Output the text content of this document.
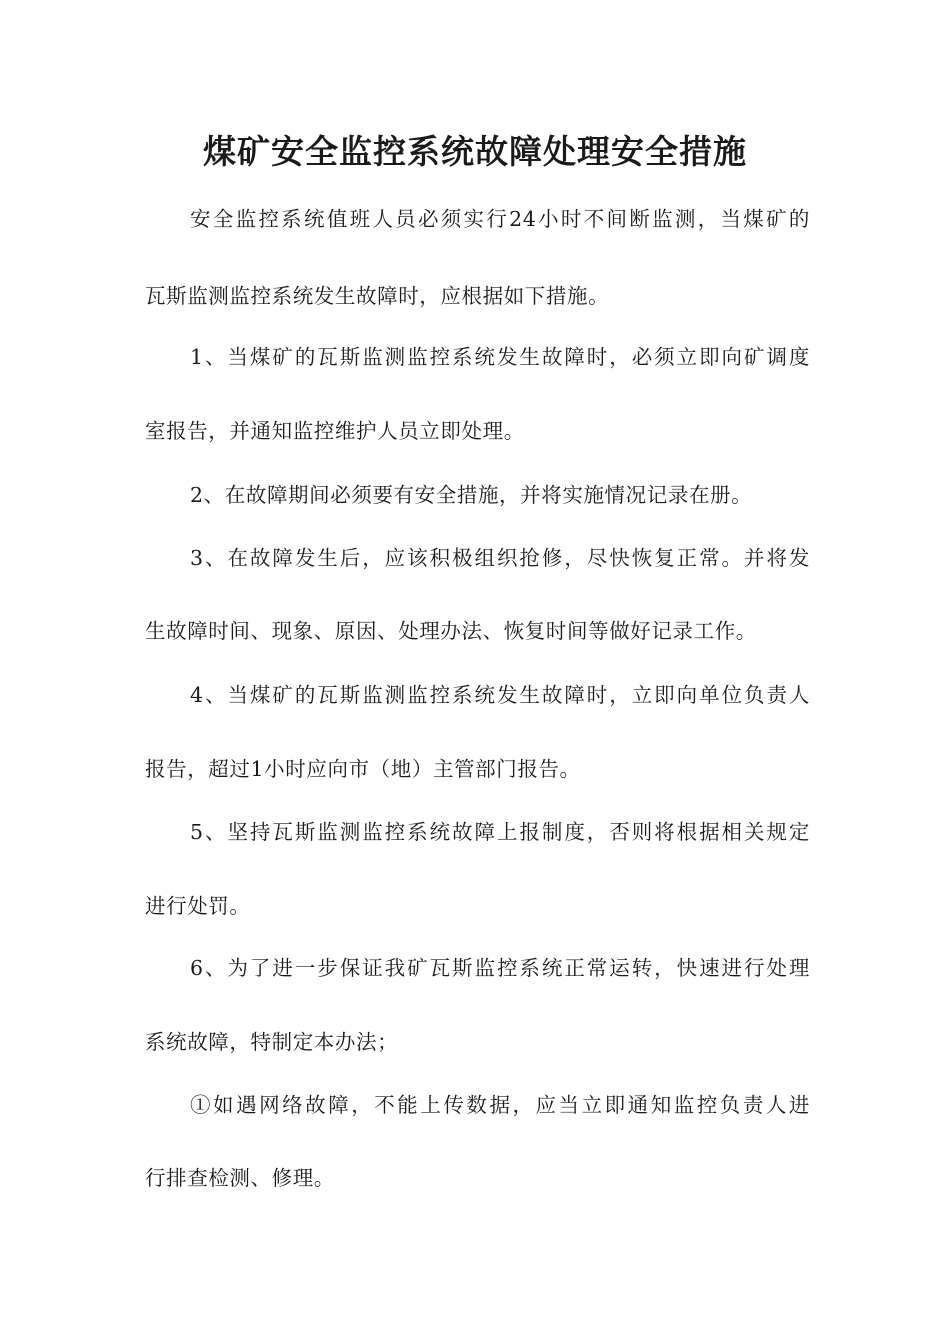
煤矿安全监控系统故障处理安全措施
安全监控系统值班人员必须实行24小时不间断监测，当煤矿的
瓦斯监测监控系统发生故障时，应根据如下措施。
1、当煤矿的瓦斯监测监控系统发生故障时，必须立即向矿调度
室报告，并通知监控维护人员立即处理。
2、在故障期间必须要有安全措施，并将实施情况记录在册。
3、在故障发生后，应该积极组织抢修，尽快恢复正常。并将发
生故障时间、现象、原因、处理办法、恢复时间等做好记录工作。
4、当煤矿的瓦斯监测监控系统发生故障时，立即向单位负责人
报告，超过1小时应向市（地）主管部门报告。
5、坚持瓦斯监测监控系统故障上报制度，否则将根据相关规定
进行处罚。
6、为了进一步保证我矿瓦斯监控系统正常运转，快速进行处理
系统故障，特制定本办法；
①如遇网络故障，不能上传数据，应当立即通知监控负责人进
行排查检测、修理。
